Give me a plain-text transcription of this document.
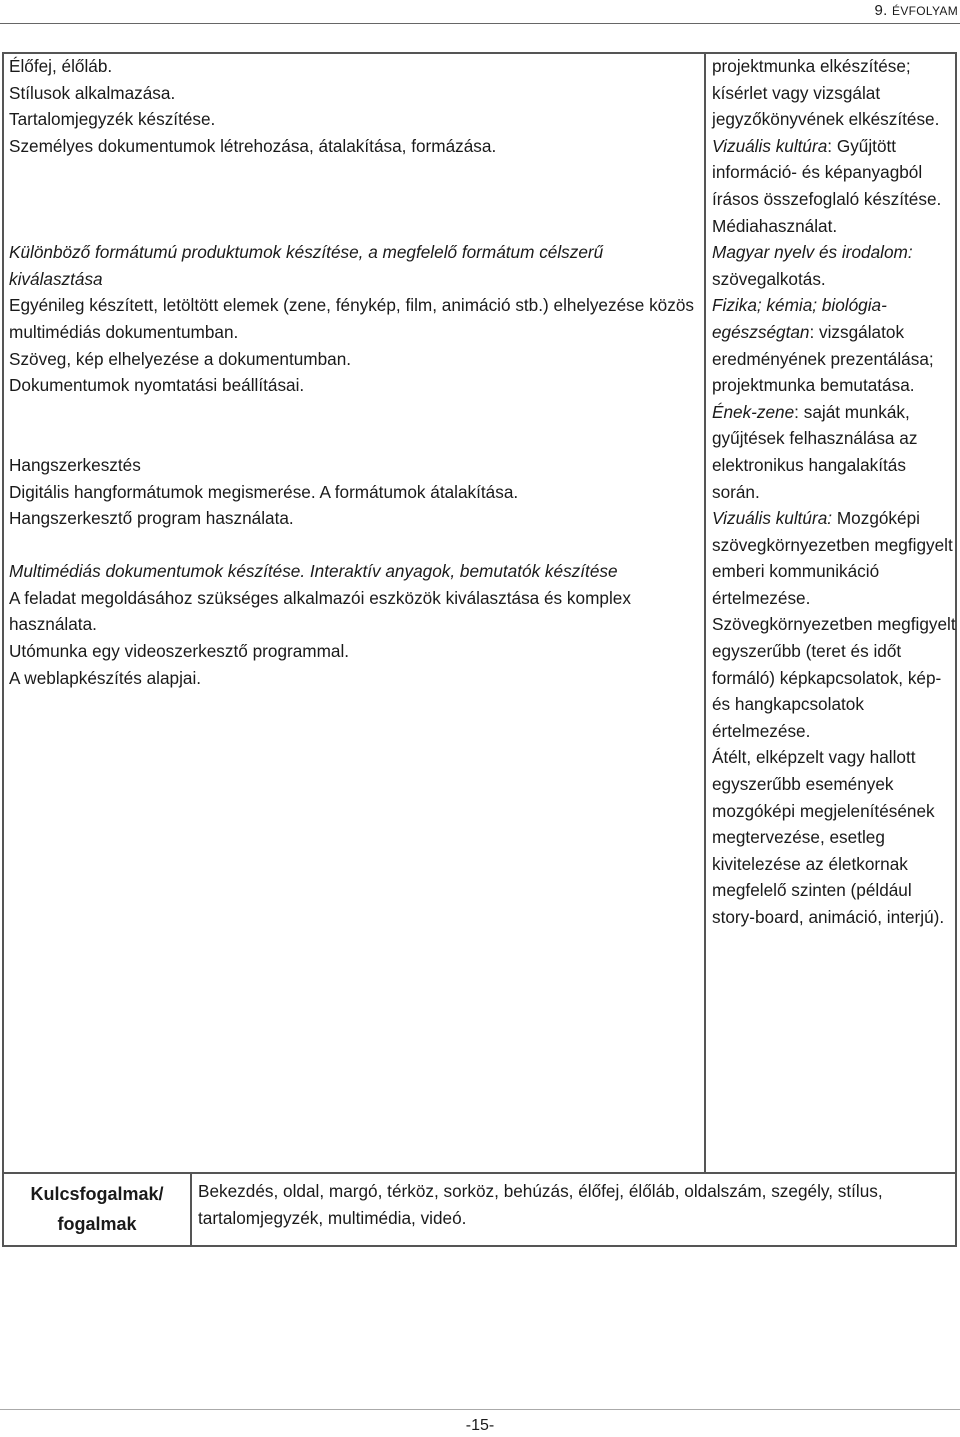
9. ÉVFOLYAM

Élőfej, élőláb.

Stílusok alkalmazása.

Tartalomjegyzék készítése.

Személyes dokumentumok létrehozása, átalakítása, formázása.

Különböző formátumú produktumok készítése, a megfelelő formátum célszerű kiválasztása

Egyénileg készített, letöltött elemek (zene, fénykép, film, animáció stb.) elhelyezése közös multimédiás dokumentumban.

Szöveg, kép elhelyezése a dokumentumban.

Dokumentumok nyomtatási beállításai.

Hangszerkesztés

Digitális hangformátumok megismerése. A formátumok átalakítása.

Hangszerkesztő program használata.

Multimédiás dokumentumok készítése. Interaktív anyagok, bemutatók készítése

A feladat megoldásához szükséges alkalmazói eszközök kiválasztása és komplex használata.

Utómunka egy videoszerkesztő programmal.

A weblapkészítés alapjai.

projektmunka elkészítése; kísérlet vagy vizsgálat jegyzőkönyvének elkészítése.

Vizuális kultúra: Gyűjtött információ- és képanyagból írásos összefoglaló készítése.

Médiahasználat.

Magyar nyelv és irodalom: szövegalkotás.

Fizika; kémia; biológia-egészségtan: vizsgálatok eredményének prezentálása; projektmunka bemutatása.

Ének-zene: saját munkák, gyűjtések felhasználása az elektronikus hangalakítás során.

Vizuális kultúra: Mozgóképi szövegkörnyezetben megfigyelt emberi kommunikáció értelmezése.

Szövegkörnyezetben megfigyelt egyszerűbb (teret és időt formáló) képkapcsolatok, kép- és hangkapcsolatok értelmezése.

Átélt, elképzelt vagy hallott egyszerűbb események mozgóképi megjelenítésének megtervezése, esetleg kivitelezése az életkornak megfelelő szinten (például story-board, animáció, interjú).

Kulcsfogalmak/
fogalmak
Bekezdés, oldal, margó, térköz, sorköz, behúzás, élőfej, élőláb, oldalszám, szegély, stílus, tartalomjegyzék, multimédia, videó.
-15-
